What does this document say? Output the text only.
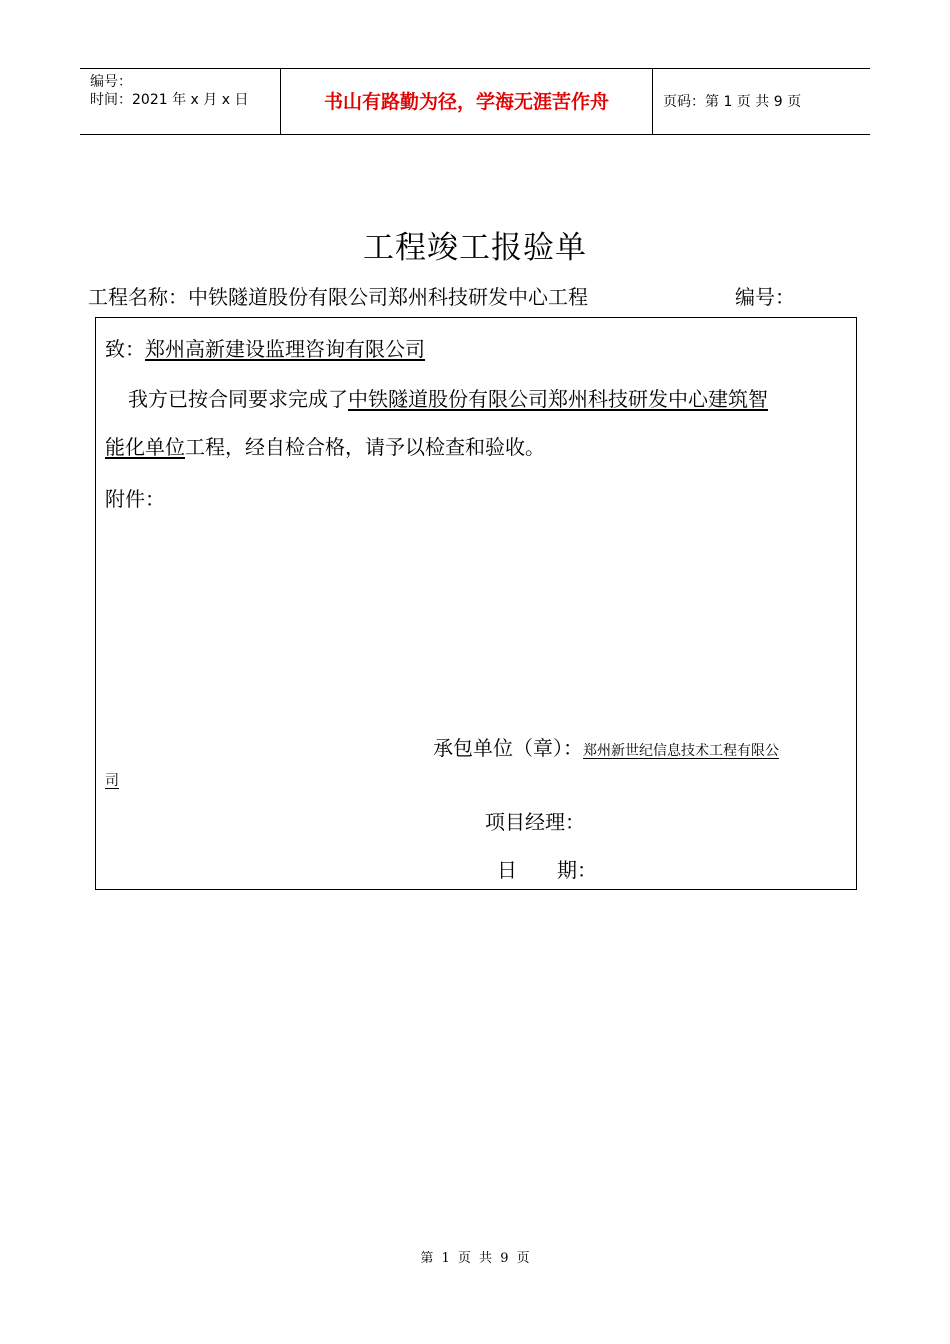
编号：
时间：2021 年 x 月 x 日	书山有路勤为径，学海无涯苦作舟	页码：第 1 页 共 9 页
工程竣工报验单
工程名称：中铁隧道股份有限公司郑州科技研发中心工程	编号：
致：郑州高新建设监理咨询有限公司
我方已按合同要求完成了中铁隧道股份有限公司郑州科技研发中心建筑智
能化单位工程，经自检合格，请予以检查和验收。
附件：
承包单位（章）：郑州新世纪信息技术工程有限公
司
项目经理：
日　　期：
第 1 页 共 9 页
